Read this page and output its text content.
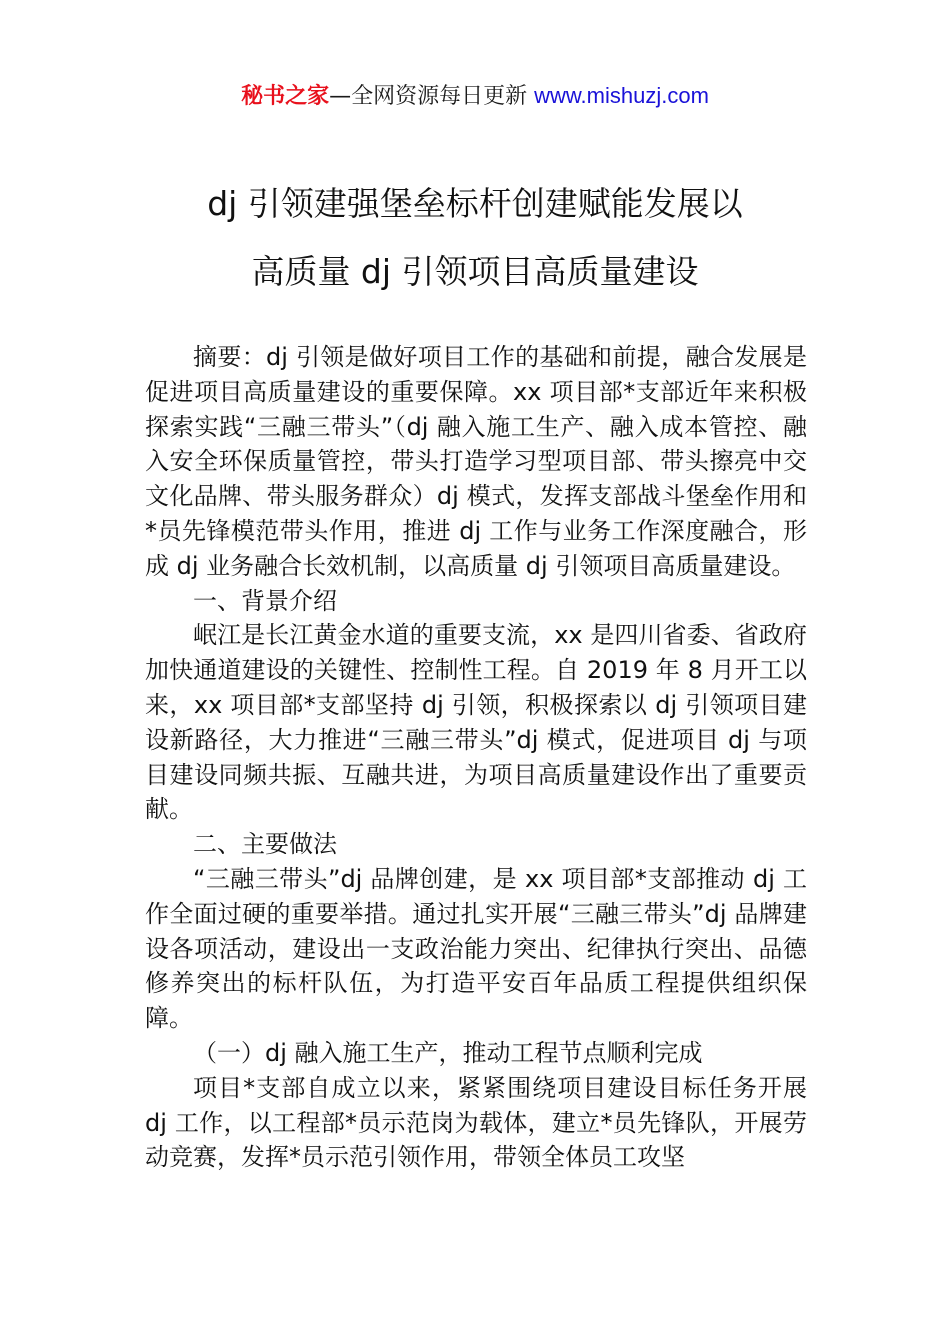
秘书之家—全网资源每日更新 www.mishuzj.com
dj 引领建强堡垒标杆创建赋能发展以
高质量 dj 引领项目高质量建设

摘要：dj 引领是做好项目工作的基础和前提，融合发展是促进项目高质量建设的重要保障。xx 项目部*支部近年来积极探索实践“三融三带头”（dj 融入施工生产、融入成本管控、融入安全环保质量管控，带头打造学习型项目部、带头擦亮中交文化品牌、带头服务群众）dj 模式，发挥支部战斗堡垒作用和*员先锋模范带头作用，推进 dj 工作与业务工作深度融合，形成 dj 业务融合长效机制，以高质量 dj 引领项目高质量建设。

一、背景介绍

岷江是长江黄金水道的重要支流，xx 是四川省委、省政府加快通道建设的关键性、控制性工程。自 2019 年 8 月开工以来，xx 项目部*支部坚持 dj 引领，积极探索以 dj 引领项目建设新路径，大力推进“三融三带头”dj 模式，促进项目 dj 与项目建设同频共振、互融共进，为项目高质量建设作出了重要贡献。

二、主要做法

“三融三带头”dj 品牌创建，是 xx 项目部*支部推动 dj 工作全面过硬的重要举措。通过扎实开展“三融三带头”dj 品牌建设各项活动，建设出一支政治能力突出、纪律执行突出、品德修养突出的标杆队伍，为打造平安百年品质工程提供组织保障。

（一）dj 融入施工生产，推动工程节点顺利完成

项目*支部自成立以来，紧紧围绕项目建设目标任务开展 dj 工作，以工程部*员示范岗为载体，建立*员先锋队，开展劳动竞赛，发挥*员示范引领作用，带领全体员工攻坚
